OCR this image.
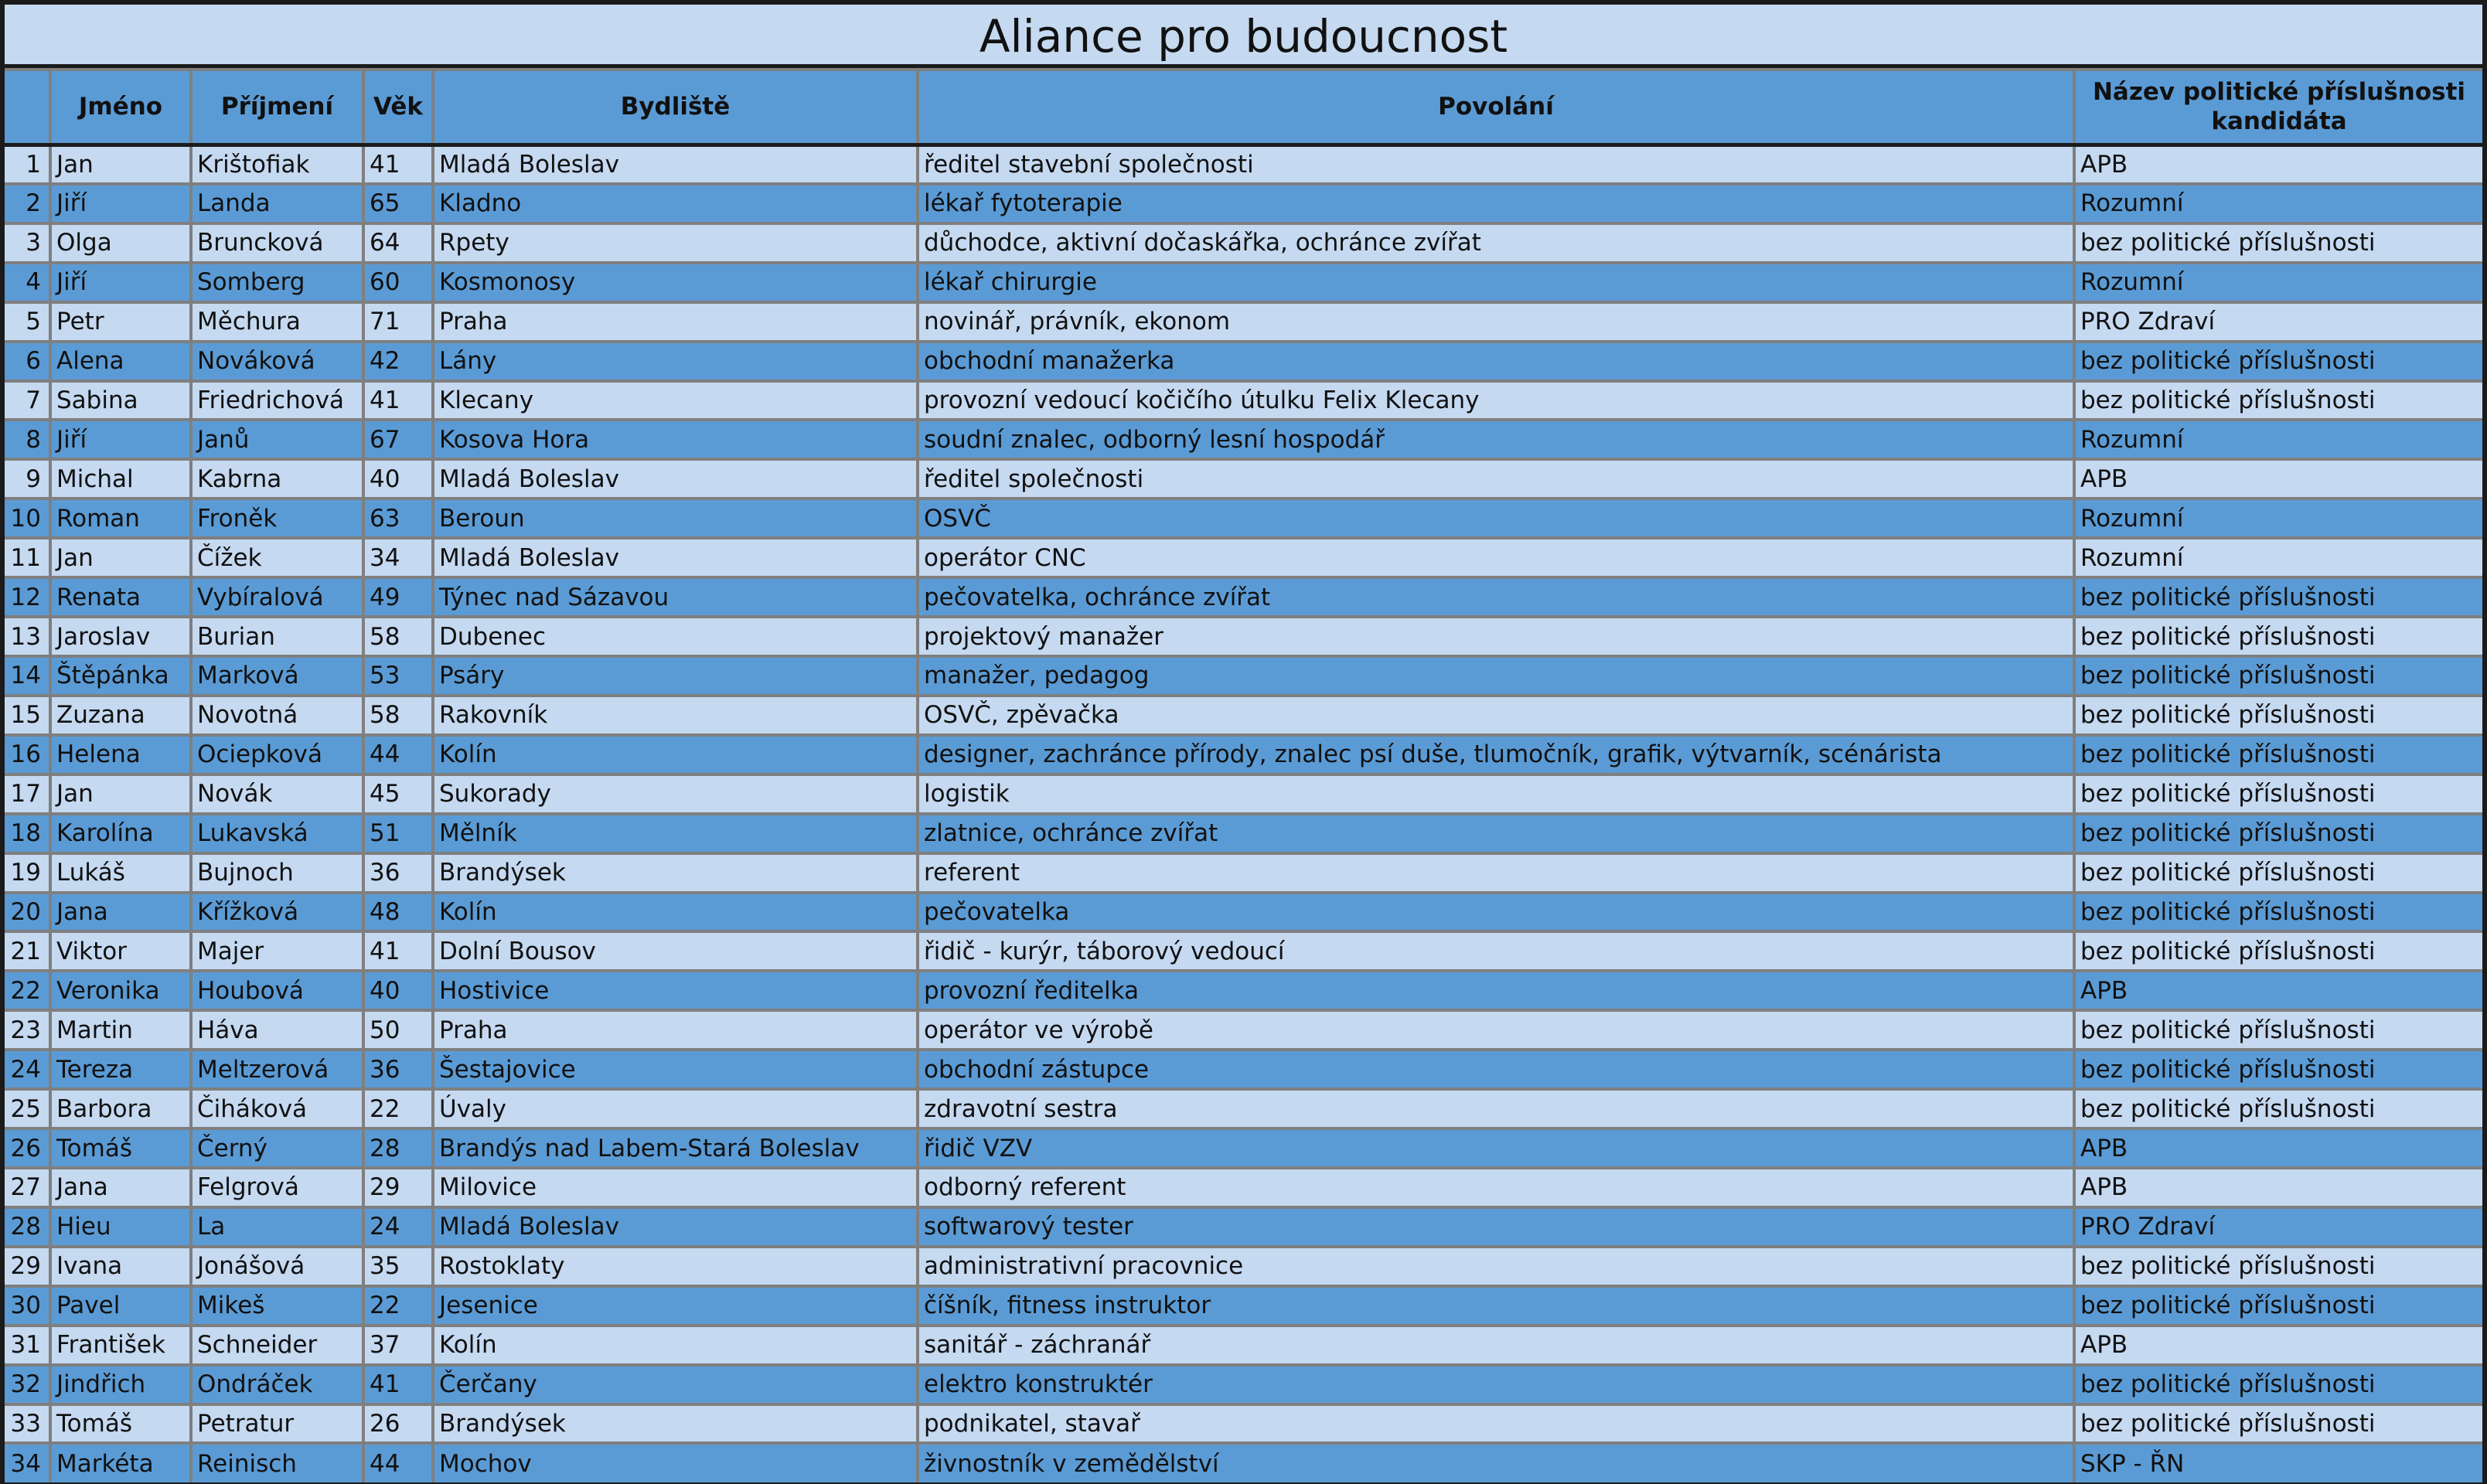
Aliance pro budoucnost
	Jméno	Příjmení	Věk	Bydliště	Povolání	Název politické příslušnosti kandidáta
1	Jan	Krištofiak	41	Mladá Boleslav	ředitel stavební společnosti	APB
2	Jiří	Landa	65	Kladno	lékař fytoterapie	Rozumní
3	Olga	Bruncková	64	Rpety	důchodce, aktivní dočaskářka, ochránce zvířat	bez politické příslušnosti
4	Jiří	Somberg	60	Kosmonosy	lékař chirurgie	Rozumní
5	Petr	Měchura	71	Praha	novinář, právník, ekonom	PRO Zdraví
6	Alena	Nováková	42	Lány	obchodní manažerka	bez politické příslušnosti
7	Sabina	Friedrichová	41	Klecany	provozní vedoucí kočičího útulku Felix Klecany	bez politické příslušnosti
8	Jiří	Janů	67	Kosova Hora	soudní znalec, odborný lesní hospodář	Rozumní
9	Michal	Kabrna	40	Mladá Boleslav	ředitel společnosti	APB
10	Roman	Froněk	63	Beroun	OSVČ	Rozumní
11	Jan	Čížek	34	Mladá Boleslav	operátor CNC	Rozumní
12	Renata	Vybíralová	49	Týnec nad Sázavou	pečovatelka, ochránce zvířat	bez politické příslušnosti
13	Jaroslav	Burian	58	Dubenec	projektový manažer	bez politické příslušnosti
14	Štěpánka	Marková	53	Psáry	manažer, pedagog	bez politické příslušnosti
15	Zuzana	Novotná	58	Rakovník	OSVČ, zpěvačka	bez politické příslušnosti
16	Helena	Ociepková	44	Kolín	designer, zachránce přírody, znalec psí duše, tlumočník, grafik, výtvarník, scénárista	bez politické příslušnosti
17	Jan	Novák	45	Sukorady	logistik	bez politické příslušnosti
18	Karolína	Lukavská	51	Mělník	zlatnice, ochránce zvířat	bez politické příslušnosti
19	Lukáš	Bujnoch	36	Brandýsek	referent	bez politické příslušnosti
20	Jana	Křížková	48	Kolín	pečovatelka	bez politické příslušnosti
21	Viktor	Majer	41	Dolní Bousov	řidič - kurýr, táborový vedoucí	bez politické příslušnosti
22	Veronika	Houbová	40	Hostivice	provozní ředitelka	APB
23	Martin	Háva	50	Praha	operátor ve výrobě	bez politické příslušnosti
24	Tereza	Meltzerová	36	Šestajovice	obchodní zástupce	bez politické příslušnosti
25	Barbora	Čiháková	22	Úvaly	zdravotní sestra	bez politické příslušnosti
26	Tomáš	Černý	28	Brandýs nad Labem-Stará Boleslav	řidič VZV	APB
27	Jana	Felgrová	29	Milovice	odborný referent	APB
28	Hieu	La	24	Mladá Boleslav	softwarový tester	PRO Zdraví
29	Ivana	Jonášová	35	Rostoklaty	administrativní pracovnice	bez politické příslušnosti
30	Pavel	Mikeš	22	Jesenice	číšník, fitness instruktor	bez politické příslušnosti
31	František	Schneider	37	Kolín	sanitář - záchranář	APB
32	Jindřich	Ondráček	41	Čerčany	elektro konstruktér	bez politické příslušnosti
33	Tomáš	Petratur	26	Brandýsek	podnikatel, stavař	bez politické příslušnosti
34	Markéta	Reinisch	44	Mochov	živnostník v zemědělství	SKP - ŘN
